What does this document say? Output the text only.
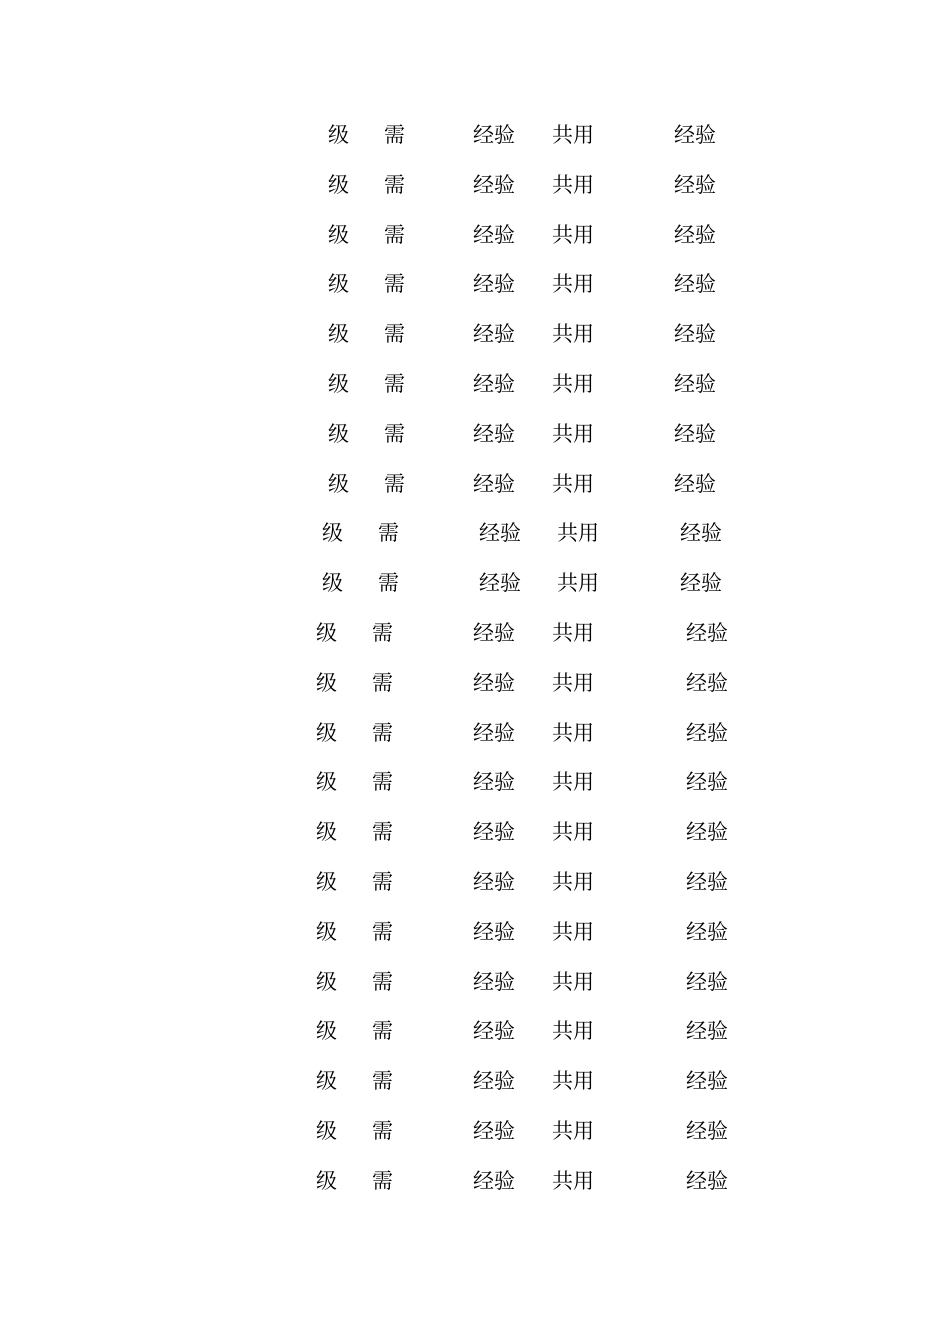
级 需	经验 共用	经验
级 需	经验 共用	经验
级 需	经验 共用	经验
级 需	经验 共用	经验
级 需	经验 共用	经验
级 需	经验 共用	经验
级 需	经验 共用	经验
级 需	经验 共用	经验
级 需	经验 共用	经验
级 需	经验 共用	经验
级 需	经验 共用	经验
级 需	经验 共用	经验
级 需	经验 共用	经验
级 需	经验 共用	经验
级 需	经验 共用	经验
级 需	经验 共用	经验
级 需	经验 共用	经验
级 需	经验 共用	经验
级 需	经验 共用	经验
级 需	经验 共用	经验
级 需	经验 共用	经验
级 需	经验 共用	经验
